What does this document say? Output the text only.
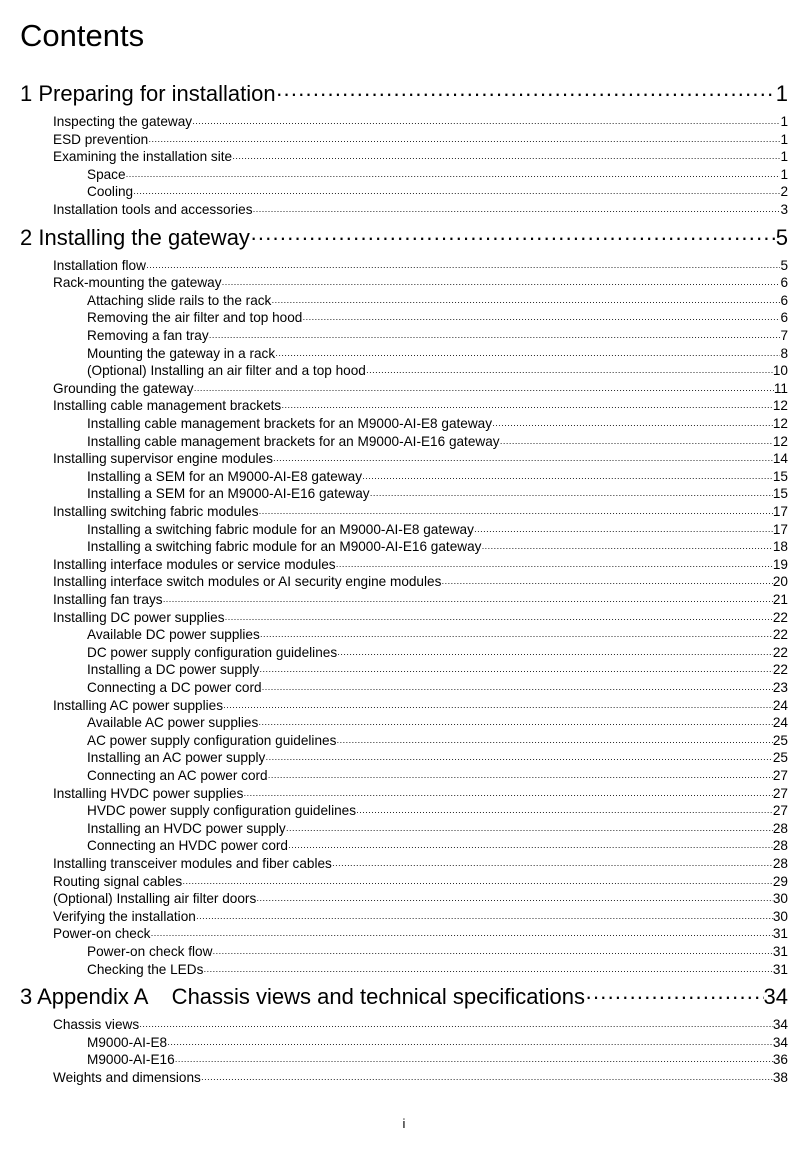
Contents
1 Preparing for installation ·····	1
Inspecting the gateway ·····	1
ESD prevention ·····	1
Examining the installation site ·····	1
Space ·····	1
Cooling ·····	2
Installation tools and accessories ·····	3
2 Installing the gateway ·····	5
Installation flow ·····	5
Rack-mounting the gateway ·····	6
Attaching slide rails to the rack ·····	6
Removing the air filter and top hood ·····	6
Removing a fan tray ·····	7
Mounting the gateway in a rack ·····	8
(Optional) Installing an air filter and a top hood ·····	10
Grounding the gateway ·····	11
Installing cable management brackets ·····	12
Installing cable management brackets for an M9000-AI-E8 gateway ·····	12
Installing cable management brackets for an M9000-AI-E16 gateway ·····	12
Installing supervisor engine modules ·····	14
Installing a SEM for an M9000-AI-E8 gateway ·····	15
Installing a SEM for an M9000-AI-E16 gateway ·····	15
Installing switching fabric modules ·····	17
Installing a switching fabric module for an M9000-AI-E8 gateway ·····	17
Installing a switching fabric module for an M9000-AI-E16 gateway ·····	18
Installing interface modules or service modules ·····	19
Installing interface switch modules or AI security engine modules ·····	20
Installing fan trays ·····	21
Installing DC power supplies ·····	22
Available DC power supplies ·····	22
DC power supply configuration guidelines ·····	22
Installing a DC power supply ·····	22
Connecting a DC power cord ·····	23
Installing AC power supplies ·····	24
Available AC power supplies ·····	24
AC power supply configuration guidelines ·····	25
Installing an AC power supply ·····	25
Connecting an AC power cord ·····	27
Installing HVDC power supplies ·····	27
HVDC power supply configuration guidelines ·····	27
Installing an HVDC power supply ·····	28
Connecting an HVDC power cord ·····	28
Installing transceiver modules and fiber cables ·····	28
Routing signal cables ·····	29
(Optional) Installing air filter doors ·····	30
Verifying the installation ·····	30
Power-on check ·····	31
Power-on check flow ·····	31
Checking the LEDs ·····	31
3 Appendix A    Chassis views and technical specifications ·····	34
Chassis views ·····	34
M9000-AI-E8 ·····	34
M9000-AI-E16 ·····	36
Weights and dimensions ·····	38
i
